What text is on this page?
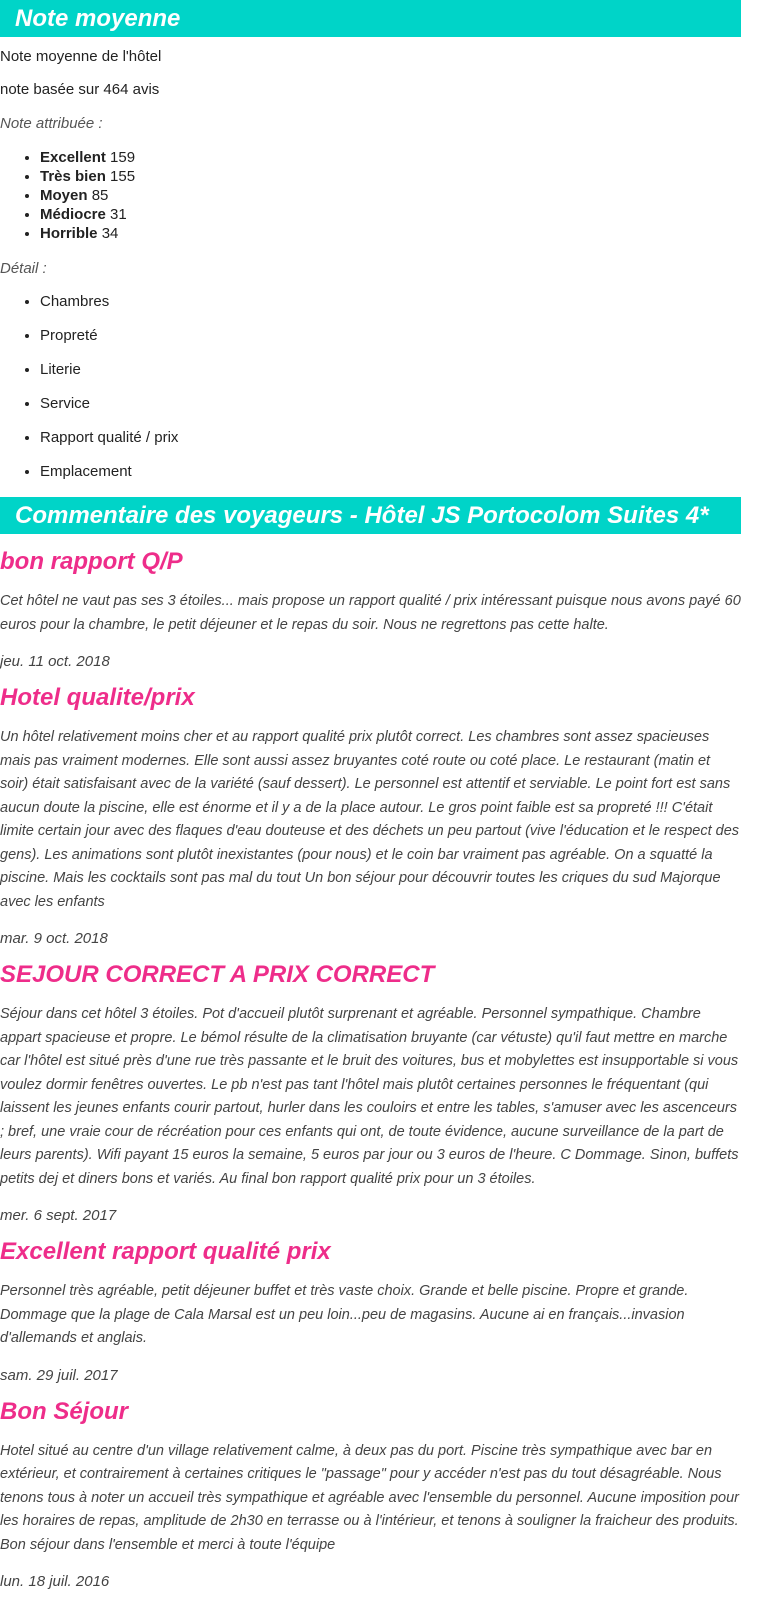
Note moyenne

Note moyenne de l'hôtel

note basée sur 464 avis

Note attribuée :

• Excellent 159
• Très bien 155
• Moyen 85
• Médiocre 31
• Horrible 34

Détail :

• Chambres
• Propreté
• Literie
• Service
• Rapport qualité / prix
• Emplacement
Commentaire des voyageurs - Hôtel JS Portocolom Suites 4*
bon rapport Q/P

Cet hôtel ne vaut pas ses 3 étoiles... mais propose un rapport qualité / prix intéressant puisque nous avons payé 60 euros pour la chambre, le petit déjeuner et le repas du soir. Nous ne regrettons pas cette halte.

jeu. 11 oct. 2018

Hotel qualite/prix

Un hôtel relativement moins cher et au rapport qualité prix plutôt correct. Les chambres sont assez spacieuses mais pas vraiment modernes. Elle sont aussi assez bruyantes coté route ou coté place. Le restaurant (matin et soir) était satisfaisant avec de la variété (sauf dessert). Le personnel est attentif et serviable. Le point fort est sans aucun doute la piscine, elle est énorme et il y a de la place autour. Le gros point faible est sa propreté !!! C'était limite certain jour avec des flaques d'eau douteuse et des déchets un peu partout (vive l'éducation et le respect des gens). Les animations sont plutôt inexistantes (pour nous) et le coin bar vraiment pas agréable. On a squatté la piscine. Mais les cocktails sont pas mal du tout Un bon séjour pour découvrir toutes les criques du sud Majorque avec les enfants

mar. 9 oct. 2018

SEJOUR CORRECT A PRIX CORRECT

Séjour dans cet hôtel 3 étoiles. Pot d'accueil plutôt surprenant et agréable. Personnel sympathique. Chambre appart spacieuse et propre. Le bémol résulte de la climatisation bruyante (car vétuste) qu'il faut mettre en marche car l'hôtel est situé près d'une rue très passante et le bruit des voitures, bus et mobylettes est insupportable si vous voulez dormir fenêtres ouvertes. Le pb n'est pas tant l'hôtel mais plutôt certaines personnes le fréquentant (qui laissent les jeunes enfants courir partout, hurler dans les couloirs et entre les tables, s'amuser avec les ascenceurs ; bref, une vraie cour de récréation pour ces enfants qui ont, de toute évidence, aucune surveillance de la part de leurs parents). Wifi payant 15 euros la semaine, 5 euros par jour ou 3 euros de l'heure. C Dommage. Sinon, buffets petits dej et diners bons et variés. Au final bon rapport qualité prix pour un 3 étoiles.

mer. 6 sept. 2017

Excellent rapport qualité prix

Personnel très agréable, petit déjeuner buffet et très vaste choix. Grande et belle piscine. Propre et grande. Dommage que la plage de Cala Marsal est un peu loin...peu de magasins. Aucune ai en français...invasion d'allemands et anglais.

sam. 29 juil. 2017

Bon Séjour

Hotel situé au centre d'un village relativement calme, à deux pas du port. Piscine très sympathique avec bar en extérieur, et contrairement à certaines critiques le "passage" pour y accéder n'est pas du tout désagréable. Nous tenons tous à noter un accueil très sympathique et agréable avec l'ensemble du personnel. Aucune imposition pour les horaires de repas, amplitude de 2h30 en terrasse ou à l'intérieur, et tenons à souligner la fraicheur des produits. Bon séjour dans l'ensemble et merci à toute l'équipe

lun. 18 juil. 2016
